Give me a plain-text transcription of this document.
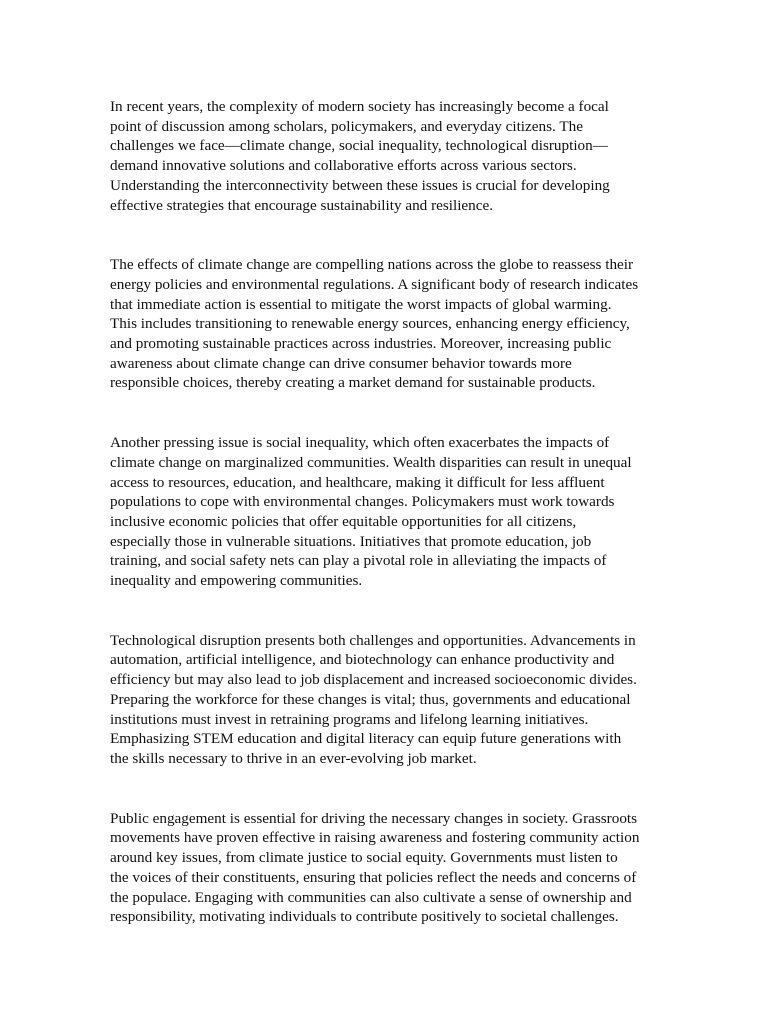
In recent years, the complexity of modern society has increasingly become a focal
point of discussion among scholars, policymakers, and everyday citizens. The
challenges we face—climate change, social inequality, technological disruption—
demand innovative solutions and collaborative efforts across various sectors.
Understanding the interconnectivity between these issues is crucial for developing
effective strategies that encourage sustainability and resilience.

The effects of climate change are compelling nations across the globe to reassess their
energy policies and environmental regulations. A significant body of research indicates
that immediate action is essential to mitigate the worst impacts of global warming.
This includes transitioning to renewable energy sources, enhancing energy efficiency,
and promoting sustainable practices across industries. Moreover, increasing public
awareness about climate change can drive consumer behavior towards more
responsible choices, thereby creating a market demand for sustainable products.

Another pressing issue is social inequality, which often exacerbates the impacts of
climate change on marginalized communities. Wealth disparities can result in unequal
access to resources, education, and healthcare, making it difficult for less affluent
populations to cope with environmental changes. Policymakers must work towards
inclusive economic policies that offer equitable opportunities for all citizens,
especially those in vulnerable situations. Initiatives that promote education, job
training, and social safety nets can play a pivotal role in alleviating the impacts of
inequality and empowering communities.

Technological disruption presents both challenges and opportunities. Advancements in
automation, artificial intelligence, and biotechnology can enhance productivity and
efficiency but may also lead to job displacement and increased socioeconomic divides.
Preparing the workforce for these changes is vital; thus, governments and educational
institutions must invest in retraining programs and lifelong learning initiatives.
Emphasizing STEM education and digital literacy can equip future generations with
the skills necessary to thrive in an ever-evolving job market.

Public engagement is essential for driving the necessary changes in society. Grassroots
movements have proven effective in raising awareness and fostering community action
around key issues, from climate justice to social equity. Governments must listen to
the voices of their constituents, ensuring that policies reflect the needs and concerns of
the populace. Engaging with communities can also cultivate a sense of ownership and
responsibility, motivating individuals to contribute positively to societal challenges.
